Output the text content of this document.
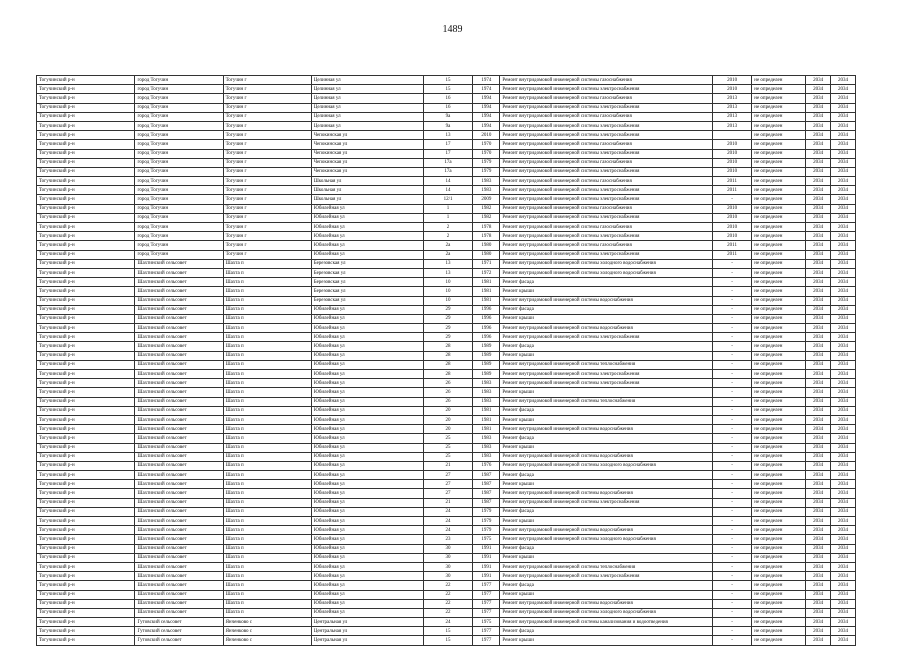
1489
Тогучинский р-н	город Тогучин	Тогучин г	Целинная ул	15	1974	Ремонт внутридомовой инженерной системы газоснабжения	2010	не определен	2034	2034
Тогучинский р-н	город Тогучин	Тогучин г	Целинная ул	15	1974	Ремонт внутридомовой инженерной системы электроснабжения	2010	не определен	2034	2034
Тогучинский р-н	город Тогучин	Тогучин г	Целинная ул	16	1994	Ремонт внутридомовой инженерной системы газоснабжения	2013	не определен	2034	2034
Тогучинский р-н	город Тогучин	Тогучин г	Целинная ул	16	1994	Ремонт внутридомовой инженерной системы электроснабжения	2013	не определен	2034	2034
Тогучинский р-н	город Тогучин	Тогучин г	Целинная ул	9а	1994	Ремонт внутридомовой инженерной системы газоснабжения	2013	не определен	2034	2034
Тогучинский р-н	город Тогучин	Тогучин г	Целинная ул	9а	1994	Ремонт внутридомовой инженерной системы электроснабжения	2013	не определен	2034	2034
Тогучинский р-н	город Тогучин	Тогучин г	Чепокинская ул	13	2010	Ремонт внутридомовой инженерной системы электроснабжения		не определен	2034	2034
Тогучинский р-н	город Тогучин	Тогучин г	Чепокинская ул	17	1970	Ремонт внутридомовой инженерной системы газоснабжения	2010	не определен	2034	2034
Тогучинский р-н	город Тогучин	Тогучин г	Чепокинская ул	17	1970	Ремонт внутридомовой инженерной системы электроснабжения	2010	не определен	2034	2034
Тогучинский р-н	город Тогучин	Тогучин г	Чепокинская ул	17а	1979	Ремонт внутридомовой инженерной системы газоснабжения	2010	не определен	2034	2034
Тогучинский р-н	город Тогучин	Тогучин г	Чепокинская ул	17а	1979	Ремонт внутридомовой инженерной системы электроснабжения	2010	не определен	2034	2034
Тогучинский р-н	город Тогучин	Тогучин г	Школьная ул	14	1983	Ремонт внутридомовой инженерной системы газоснабжения	2011	не определен	2034	2034
Тогучинский р-н	город Тогучин	Тогучин г	Школьная ул	14	1983	Ремонт внутридомовой инженерной системы электроснабжения	2011	не определен	2034	2034
Тогучинский р-н	город Тогучин	Тогучин г	Школьная ул	12/1	2009	Ремонт внутридомовой инженерной системы электроснабжения	-	не определен	2034	2034
Тогучинский р-н	город Тогучин	Тогучин г	Юбилейная ул	1	1982	Ремонт внутридомовой инженерной системы газоснабжения	2010	не определен	2034	2034
Тогучинский р-н	город Тогучин	Тогучин г	Юбилейная ул	1	1982	Ремонт внутридомовой инженерной системы электроснабжения	2010	не определен	2034	2034
Тогучинский р-н	город Тогучин	Тогучин г	Юбилейная ул	2	1978	Ремонт внутридомовой инженерной системы газоснабжения	2010	не определен	2034	2034
Тогучинский р-н	город Тогучин	Тогучин г	Юбилейная ул	2	1978	Ремонт внутридомовой инженерной системы электроснабжения	2010	не определен	2034	2034
Тогучинский р-н	город Тогучин	Тогучин г	Юбилейная ул	2а	1980	Ремонт внутридомовой инженерной системы газоснабжения	2011	не определен	2034	2034
Тогучинский р-н	город Тогучин	Тогучин г	Юбилейная ул	2а	1980	Ремонт внутридомовой инженерной системы электроснабжения	2011	не определен	2034	2034
Тогучинский р-н	Шахтинский сельсовет	Шахта п	Березовская ул	13	1971	Ремонт внутридомовой инженерной системы холодного водоснабжения	-	не определен	2034	2034
Тогучинский р-н	Шахтинский сельсовет	Шахта п	Березовская ул	13	1972	Ремонт внутридомовой инженерной системы холодного водоснабжения	-	не определен	2034	2034
Тогучинский р-н	Шахтинский сельсовет	Шахта п	Березовская ул	10	1981	Ремонт фасада	-	не определен	2034	2034
Тогучинский р-н	Шахтинский сельсовет	Шахта п	Березовская ул	10	1981	Ремонт крыши	-	не определен	2034	2034
Тогучинский р-н	Шахтинский сельсовет	Шахта п	Березовская ул	10	1981	Ремонт внутридомовой инженерной системы водоснабжения	-	не определен	2034	2034
Тогучинский р-н	Шахтинский сельсовет	Шахта п	Юбилейная ул	29	1996	Ремонт фасада	-	не определен	2034	2034
Тогучинский р-н	Шахтинский сельсовет	Шахта п	Юбилейная ул	29	1996	Ремонт крыши	-	не определен	2034	2034
Тогучинский р-н	Шахтинский сельсовет	Шахта п	Юбилейная ул	29	1996	Ремонт внутридомовой инженерной системы водоснабжения	-	не определен	2034	2034
Тогучинский р-н	Шахтинский сельсовет	Шахта п	Юбилейная ул	29	1996	Ремонт внутридомовой инженерной системы электроснабжения	-	не определен	2034	2034
Тогучинский р-н	Шахтинский сельсовет	Шахта п	Юбилейная ул	28	1989	Ремонт фасада	-	не определен	2034	2034
Тогучинский р-н	Шахтинский сельсовет	Шахта п	Юбилейная ул	28	1989	Ремонт крыши	-	не определен	2034	2034
Тогучинский р-н	Шахтинский сельсовет	Шахта п	Юбилейная ул	28	1989	Ремонт внутридомовой инженерной системы теплоснабжения	-	не определен	2034	2034
Тогучинский р-н	Шахтинский сельсовет	Шахта п	Юбилейная ул	28	1989	Ремонт внутридомовой инженерной системы электроснабжения	-	не определен	2034	2034
Тогучинский р-н	Шахтинский сельсовет	Шахта п	Юбилейная ул	26	1983	Ремонт внутридомовой инженерной системы электроснабжения	-	не определен	2034	2034
Тогучинский р-н	Шахтинский сельсовет	Шахта п	Юбилейная ул	26	1983	Ремонт крыши	-	не определен	2034	2034
Тогучинский р-н	Шахтинский сельсовет	Шахта п	Юбилейная ул	26	1983	Ремонт внутридомовой инженерной системы теплоснабжения	-	не определен	2034	2034
Тогучинский р-н	Шахтинский сельсовет	Шахта п	Юбилейная ул	20	1981	Ремонт фасада	-	не определен	2034	2034
Тогучинский р-н	Шахтинский сельсовет	Шахта п	Юбилейная ул	20	1981	Ремонт крыши	-	не определен	2034	2034
Тогучинский р-н	Шахтинский сельсовет	Шахта п	Юбилейная ул	20	1981	Ремонт внутридомовой инженерной системы водоснабжения	-	не определен	2034	2034
Тогучинский р-н	Шахтинский сельсовет	Шахта п	Юбилейная ул	25	1983	Ремонт фасада	-	не определен	2034	2034
Тогучинский р-н	Шахтинский сельсовет	Шахта п	Юбилейная ул	25	1983	Ремонт крыши	-	не определен	2034	2034
Тогучинский р-н	Шахтинский сельсовет	Шахта п	Юбилейная ул	25	1983	Ремонт внутридомовой инженерной системы водоснабжения	-	не определен	2034	2034
Тогучинский р-н	Шахтинский сельсовет	Шахта п	Юбилейная ул	21	1976	Ремонт внутридомовой инженерной системы холодного водоснабжения	-	не определен	2034	2034
Тогучинский р-н	Шахтинский сельсовет	Шахта п	Юбилейная ул	27	1987	Ремонт фасада	-	не определен	2034	2034
Тогучинский р-н	Шахтинский сельсовет	Шахта п	Юбилейная ул	27	1987	Ремонт крыши	-	не определен	2034	2034
Тогучинский р-н	Шахтинский сельсовет	Шахта п	Юбилейная ул	27	1987	Ремонт внутридомовой инженерной системы водоснабжения	-	не определен	2034	2034
Тогучинский р-н	Шахтинский сельсовет	Шахта п	Юбилейная ул	21	1987	Ремонт внутридомовой инженерной системы электроснабжения	-	не определен	2034	2034
Тогучинский р-н	Шахтинский сельсовет	Шахта п	Юбилейная ул	24	1979	Ремонт фасада	-	не определен	2034	2034
Тогучинский р-н	Шахтинский сельсовет	Шахта п	Юбилейная ул	24	1979	Ремонт крыши	-	не определен	2034	2034
Тогучинский р-н	Шахтинский сельсовет	Шахта п	Юбилейная ул	24	1979	Ремонт внутридомовой инженерной системы водоснабжения	-	не определен	2034	2034
Тогучинский р-н	Шахтинский сельсовет	Шахта п	Юбилейная ул	23	1975	Ремонт внутридомовой инженерной системы холодного водоснабжения	-	не определен	2034	2034
Тогучинский р-н	Шахтинский сельсовет	Шахта п	Юбилейная ул	30	1991	Ремонт фасада	-	не определен	2034	2034
Тогучинский р-н	Шахтинский сельсовет	Шахта п	Юбилейная ул	30	1991	Ремонт крыши	-	не определен	2034	2034
Тогучинский р-н	Шахтинский сельсовет	Шахта п	Юбилейная ул	30	1991	Ремонт внутридомовой инженерной системы теплоснабжения	-	не определен	2034	2034
Тогучинский р-н	Шахтинский сельсовет	Шахта п	Юбилейная ул	30	1991	Ремонт внутридомовой инженерной системы электроснабжения	-	не определен	2034	2034
Тогучинский р-н	Шахтинский сельсовет	Шахта п	Юбилейная ул	22	1977	Ремонт фасада	-	не определен	2034	2034
Тогучинский р-н	Шахтинский сельсовет	Шахта п	Юбилейная ул	22	1977	Ремонт крыши	-	не определен	2034	2034
Тогучинский р-н	Шахтинский сельсовет	Шахта п	Юбилейная ул	22	1977	Ремонт внутридомовой инженерной системы водоснабжения	-	не определен	2034	2034
Тогучинский р-н	Шахтинский сельсовет	Шахта п	Юбилейная ул	22	1977	Ремонт внутридомовой инженерной системы холодного водоснабжения	-	не определен	2034	2034
Тогучинский р-н	Гутовский сельсовет	Янченково с	Центральная ул	24	1975	Ремонт внутридомовой инженерной системы канализования и водоотведения	-	не определен	2034	2034
Тогучинский р-н	Гутовский сельсовет	Янченково с	Центральная ул	15	1977	Ремонт фасада	-	не определен	2034	2034
Тогучинский р-н	Гутовский сельсовет	Янченково с	Центральная ул	15	1977	Ремонт крыши	-	не определен	2034	2034
